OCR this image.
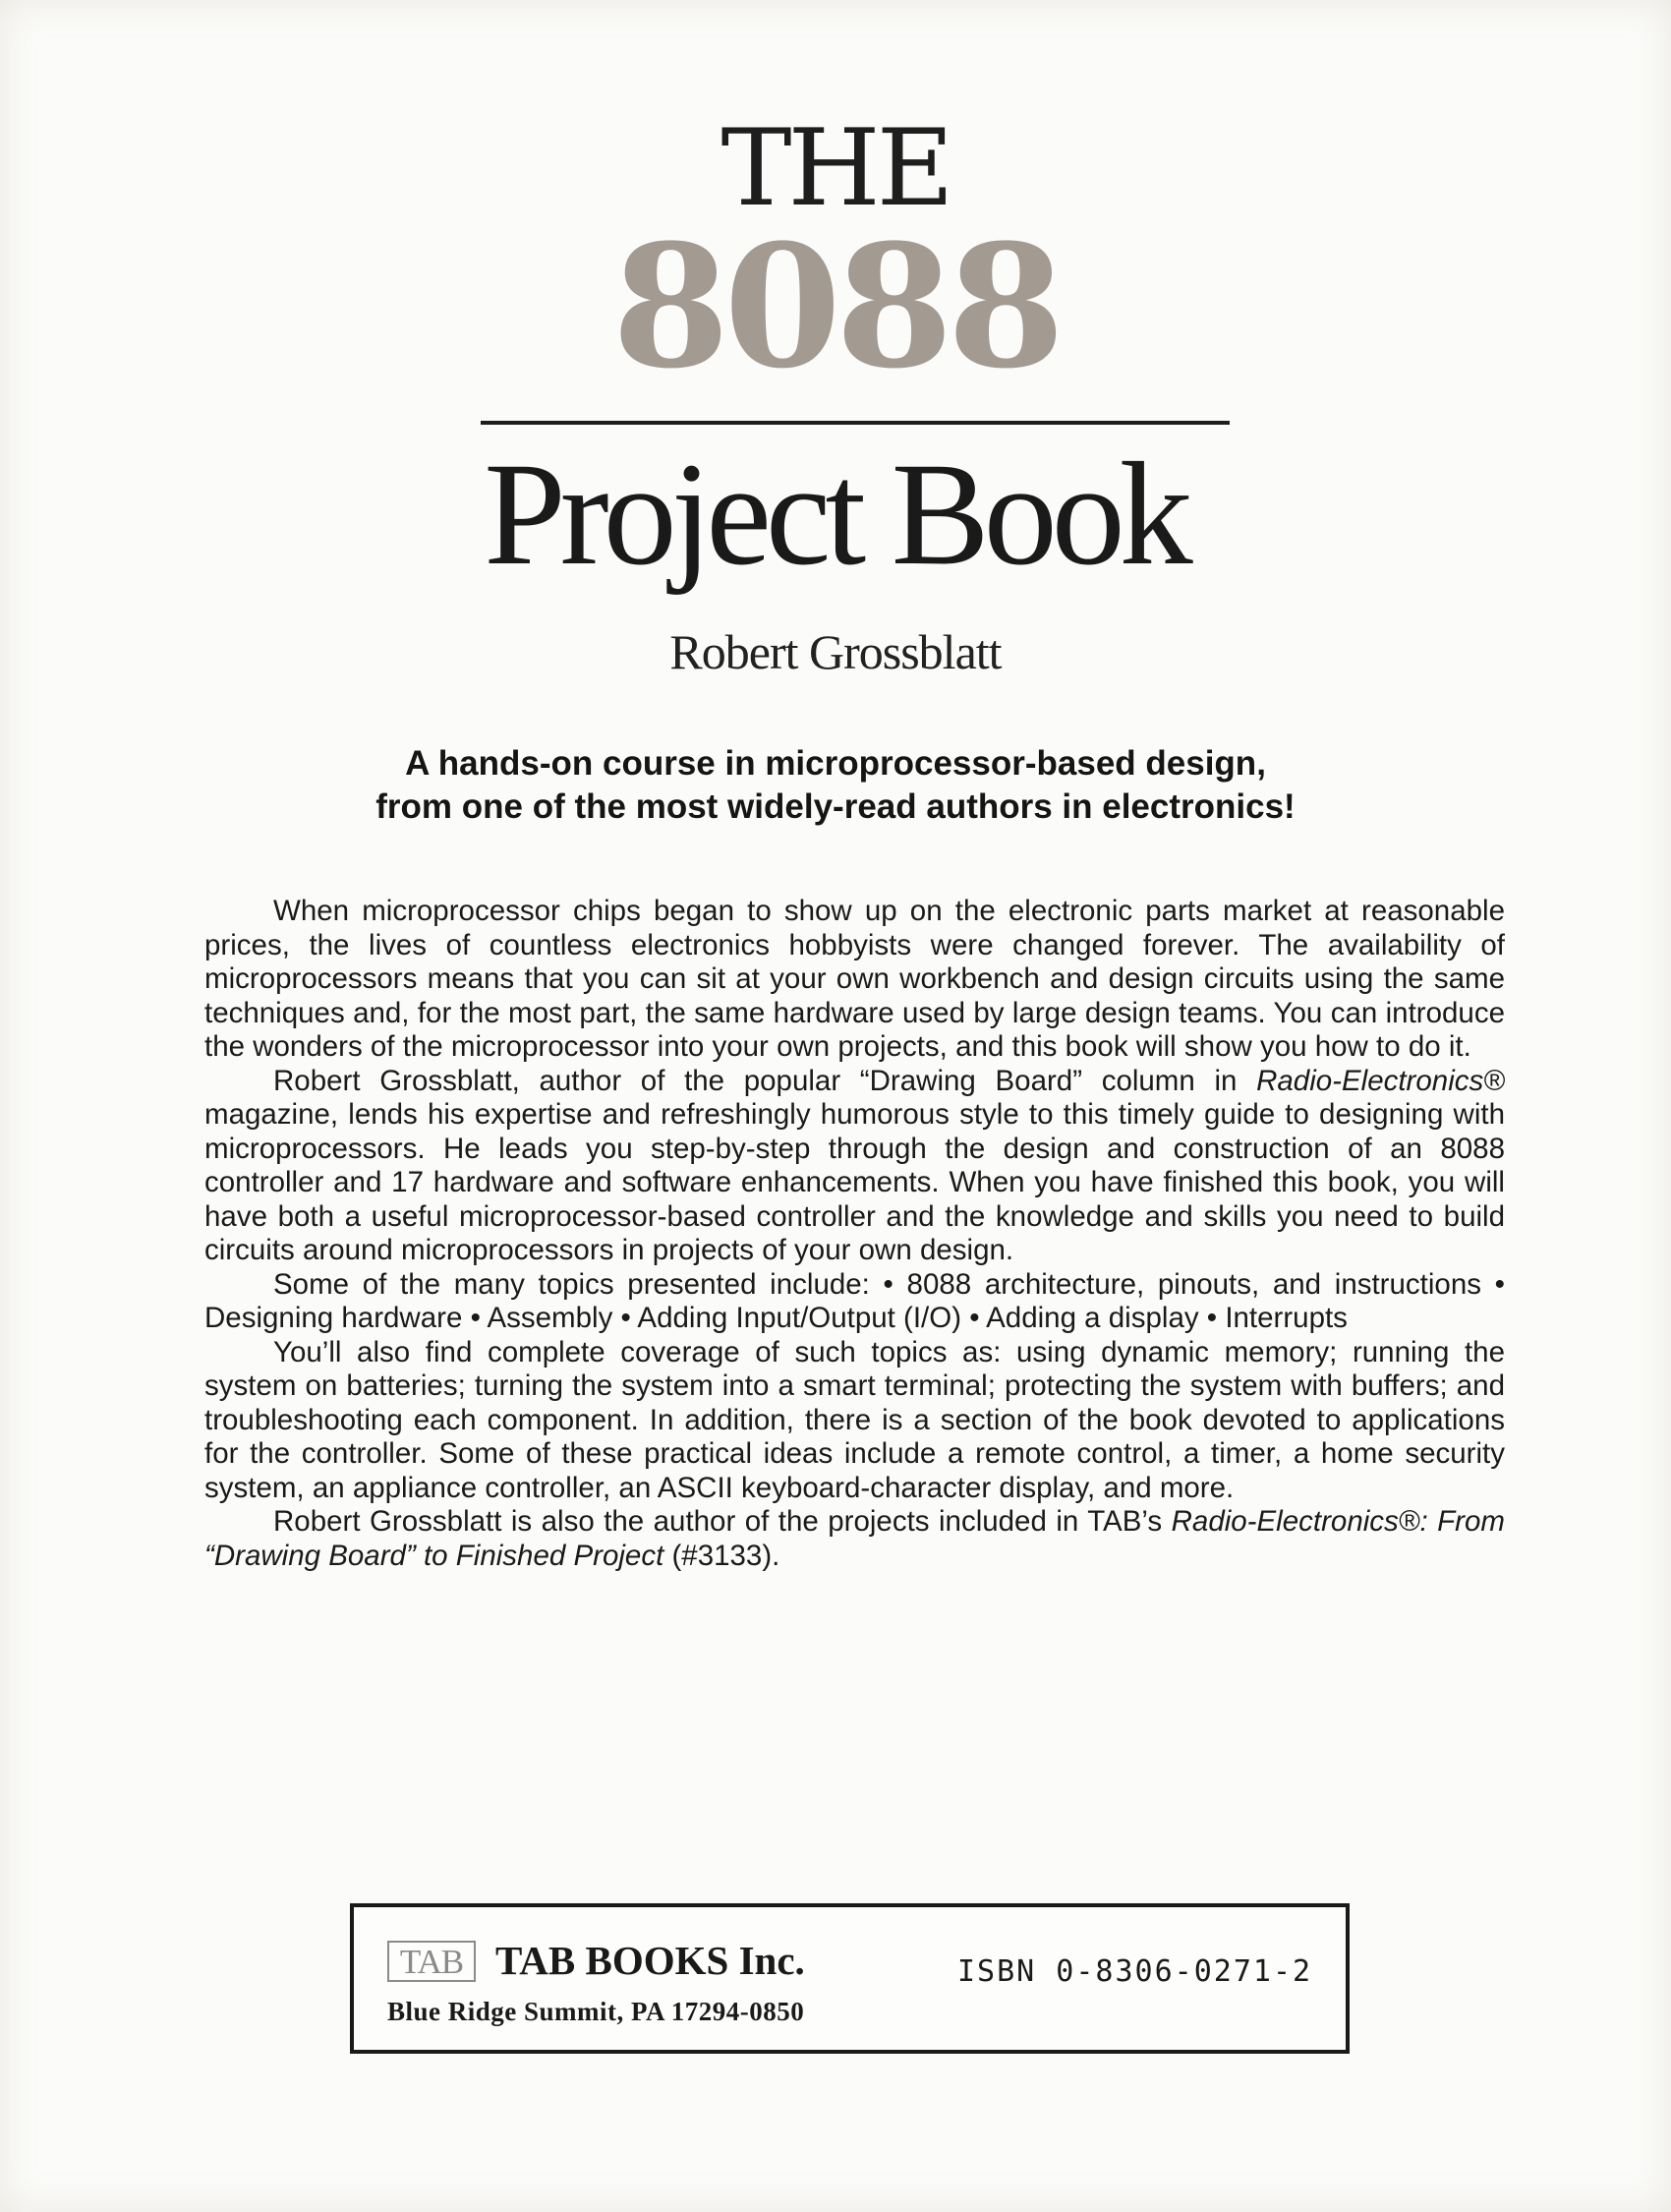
THE
8088
Project Book
Robert Grossblatt
A hands-on course in microprocessor-based design,
from one of the most widely-read authors in electronics!

When microprocessor chips began to show up on the electronic parts market at reasonable prices, the lives of countless electronics hobbyists were changed forever. The availability of microprocessors means that you can sit at your own workbench and design circuits using the same techniques and, for the most part, the same hardware used by large design teams. You can introduce the wonders of the microprocessor into your own projects, and this book will show you how to do it.

Robert Grossblatt, author of the popular “Drawing Board” column in Radio-Electronics® magazine, lends his expertise and refreshingly humorous style to this timely guide to designing with microprocessors. He leads you step-by-step through the design and construction of an 8088 controller and 17 hardware and software enhancements. When you have finished this book, you will have both a useful microprocessor-based controller and the knowledge and skills you need to build circuits around microprocessors in projects of your own design.

Some of the many topics presented include: • 8088 architecture, pinouts, and instructions • Designing hardware • Assembly • Adding Input/Output (I/O) • Adding a display • Interrupts

You’ll also find complete coverage of such topics as: using dynamic memory; running the system on batteries; turning the system into a smart terminal; protecting the system with buffers; and troubleshooting each component. In addition, there is a section of the book devoted to applications for the controller. Some of these practical ideas include a remote control, a timer, a home security system, an appliance controller, an ASCII keyboard-character display, and more.

Robert Grossblatt is also the author of the projects included in TAB’s Radio-Electronics®: From “Drawing Board” to Finished Project (#3133).

TAB TAB BOOKS Inc.
Blue Ridge Summit, PA 17294-0850
ISBN 0-8306-0271-2
